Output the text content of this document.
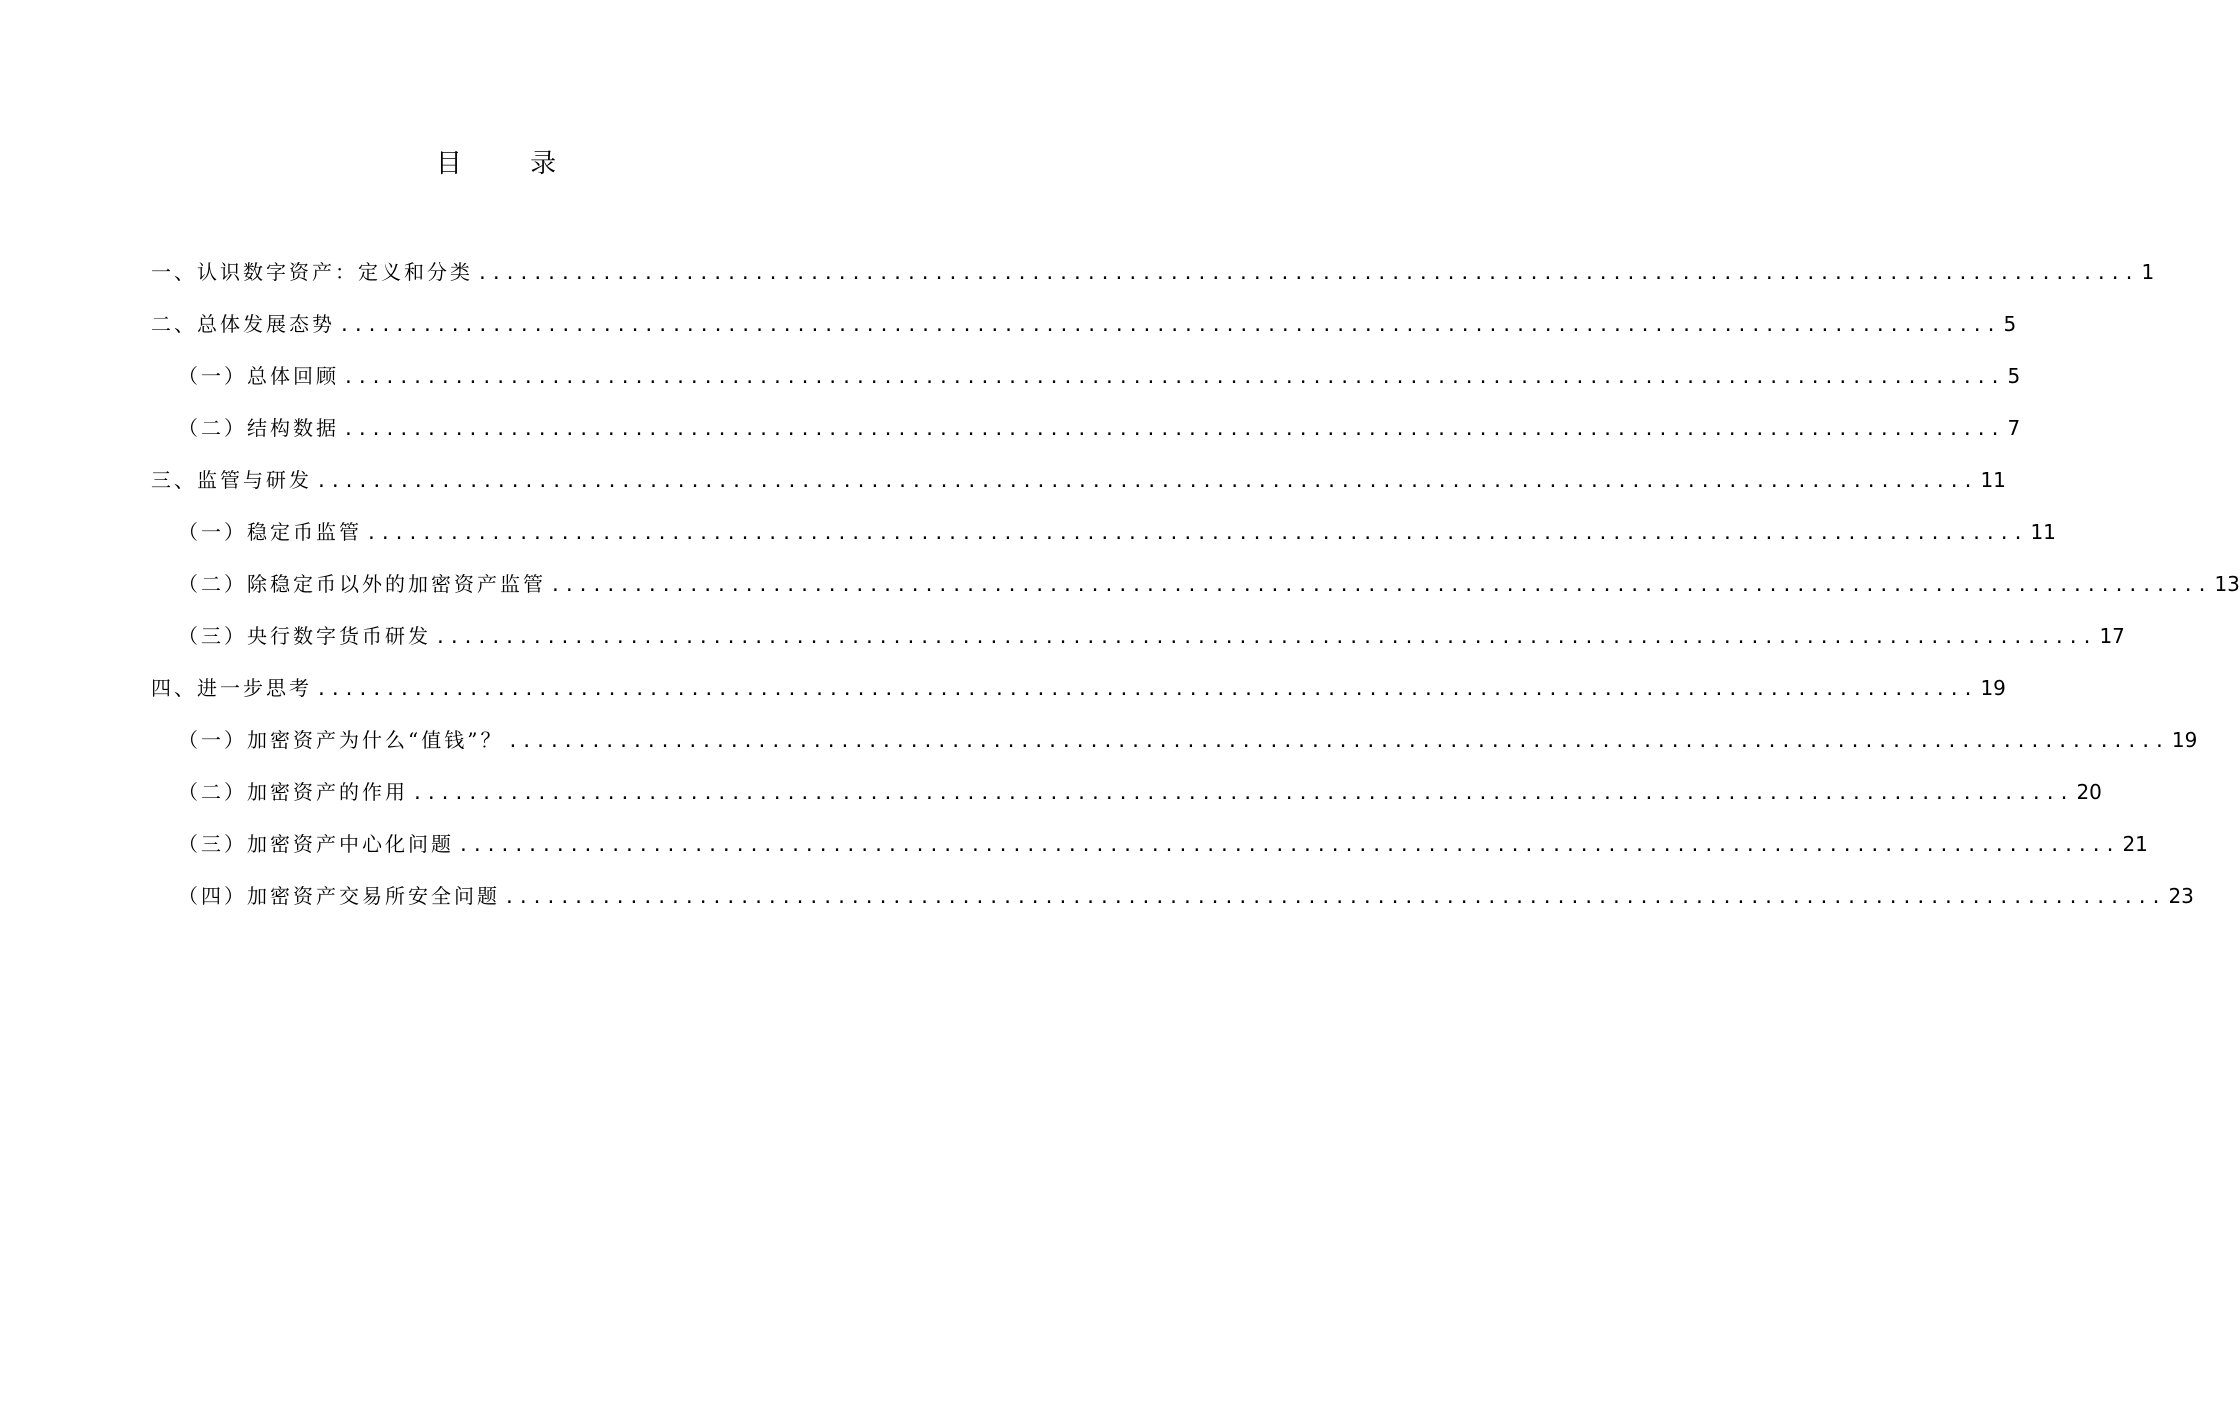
目 录
一、认识数字资产：定义和分类 ........................................................................................................................ 1
二、总体发展态势 ........................................................................................................................ 5
（一）总体回顾 ........................................................................................................................ 5
（二）结构数据 ........................................................................................................................ 7
三、监管与研发 ........................................................................................................................ 11
（一）稳定币监管 ........................................................................................................................ 11
（二）除稳定币以外的加密资产监管 ........................................................................................................................ 13
（三）央行数字货币研发 ........................................................................................................................ 17
四、进一步思考 ........................................................................................................................ 19
（一）加密资产为什么“值钱”？ ........................................................................................................................ 19
（二）加密资产的作用 ........................................................................................................................ 20
（三）加密资产中心化问题 ........................................................................................................................ 21
（四）加密资产交易所安全问题 ........................................................................................................................ 23
